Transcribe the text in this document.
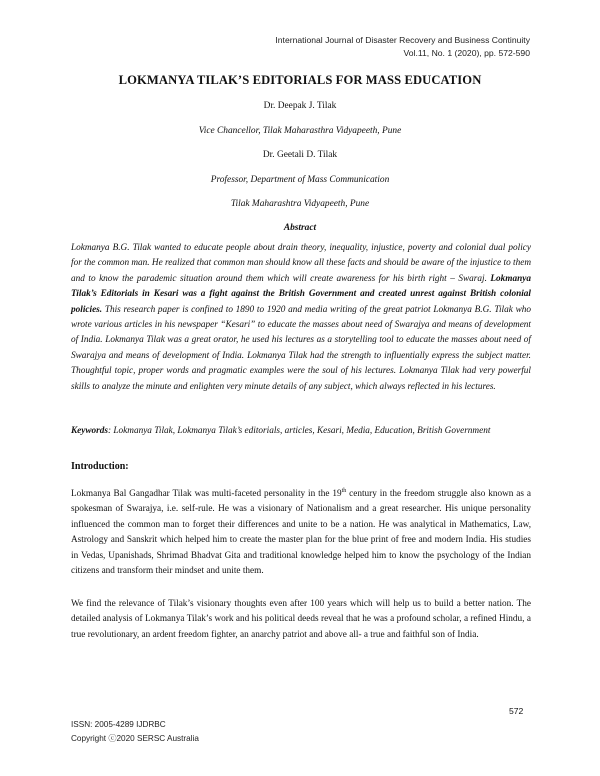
International Journal of Disaster Recovery and Business Continuity
Vol.11, No. 1 (2020), pp. 572-590
LOKMANYA TILAK’S EDITORIALS FOR MASS EDUCATION
Dr. Deepak J. Tilak
Vice Chancellor, Tilak Maharasthra Vidyapeeth, Pune
Dr. Geetali D. Tilak
Professor, Department of Mass Communication
Tilak Maharashtra Vidyapeeth, Pune
Abstract
Lokmanya B.G. Tilak wanted to educate people about drain theory, inequality, injustice, poverty and colonial dual policy for the common man. He realized that common man should know all these facts and should be aware of the injustice to them and to know the parademic situation around them which will create awareness for his birth right – Swaraj. Lokmanya Tilak’s Editorials in Kesari was a fight against the British Government and created unrest against British colonial policies. This research paper is confined to 1890 to 1920 and media writing of the great patriot Lokmanya B.G. Tilak who wrote various articles in his newspaper “Kesari” to educate the masses about need of Swarajya and means of development of India. Lokmanya Tilak was a great orator, he used his lectures as a storytelling tool to educate the masses about need of Swarajya and means of development of India. Lokmanya Tilak had the strength to influentially express the subject matter. Thoughtful topic, proper words and pragmatic examples were the soul of his lectures. Lokmanya Tilak had very powerful skills to analyze the minute and enlighten very minute details of any subject, which always reflected in his lectures.
Keywords: Lokmanya Tilak, Lokmanya Tilak’s editorials, articles, Kesari, Media, Education, British Government
Introduction:
Lokmanya Bal Gangadhar Tilak was multi-faceted personality in the 19th century in the freedom struggle also known as a spokesman of Swarajya, i.e. self-rule. He was a visionary of Nationalism and a great researcher. His unique personality influenced the common man to forget their differences and unite to be a nation. He was analytical in Mathematics, Law, Astrology and Sanskrit which helped him to create the master plan for the blue print of free and modern India. His studies in Vedas, Upanishads, Shrimad Bhadvat Gita and traditional knowledge helped him to know the psychology of the Indian citizens and transform their mindset and unite them.
We find the relevance of Tilak’s visionary thoughts even after 100 years which will help us to build a better nation. The detailed analysis of Lokmanya Tilak’s work and his political deeds reveal that he was a profound scholar, a refined Hindu, a true revolutionary, an ardent freedom fighter, an anarchy patriot and above all- a true and faithful son of India.
572
ISSN: 2005-4289 IJDRBC
Copyright ⓒ2020 SERSC Australia
